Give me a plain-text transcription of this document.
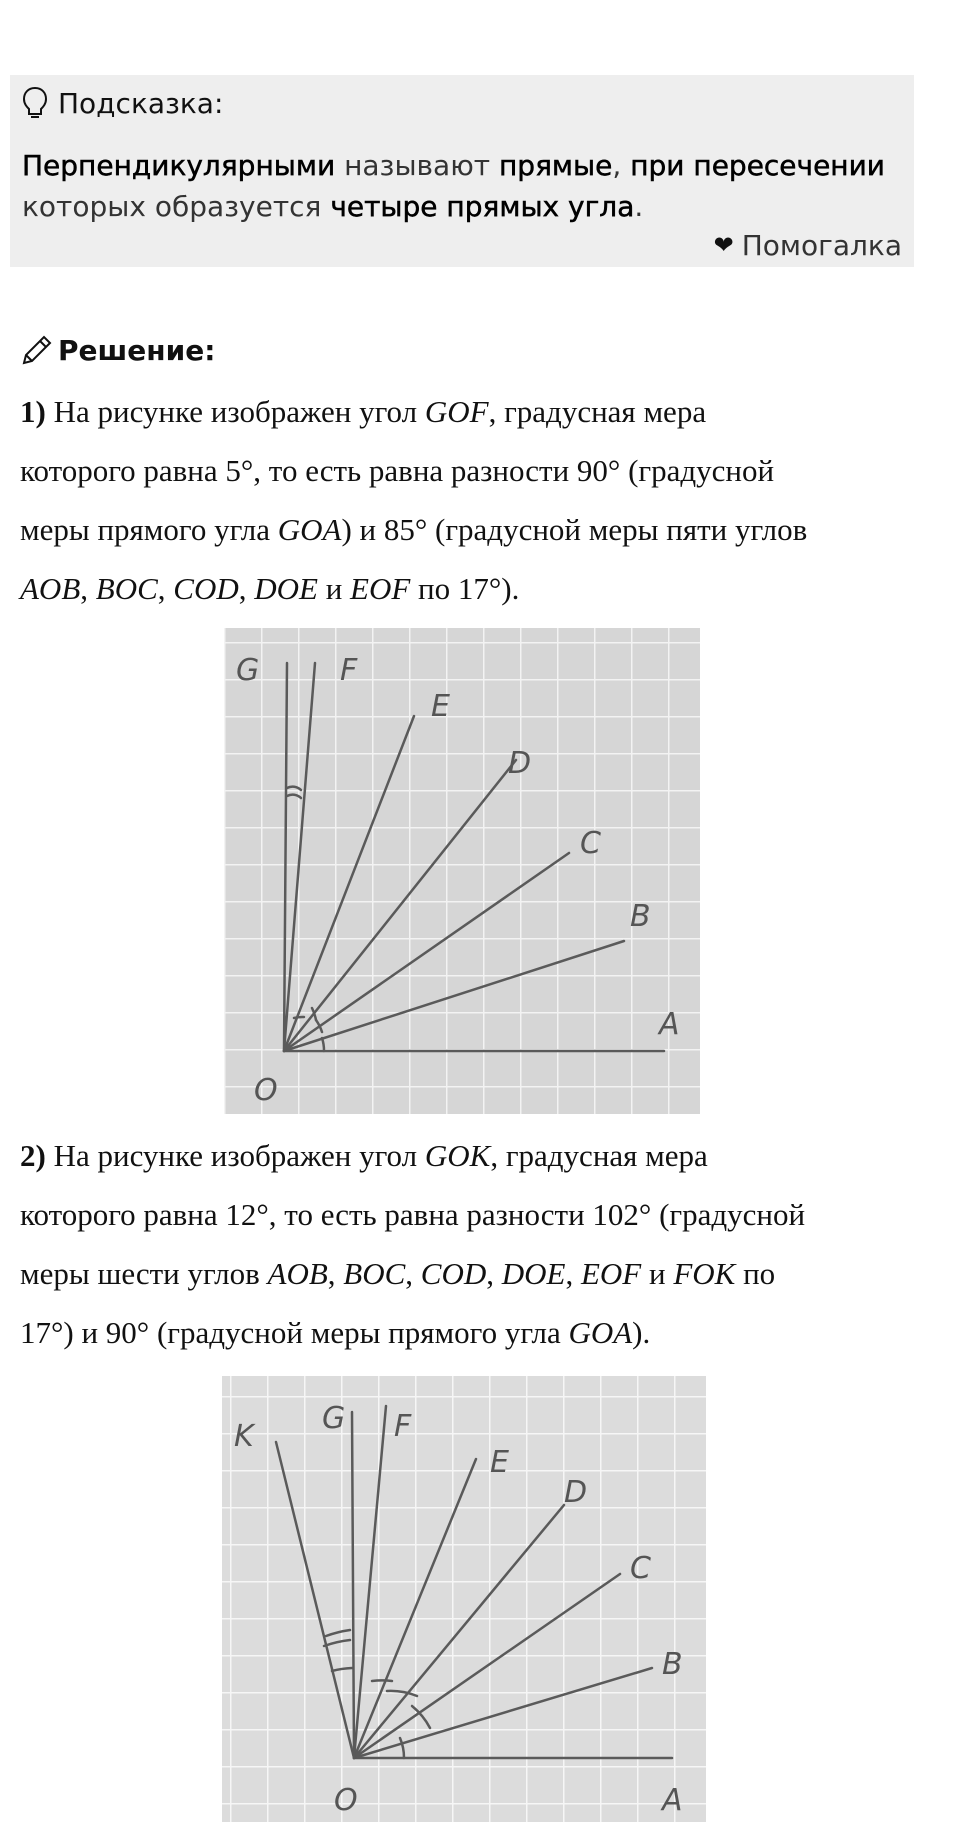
Подсказка:
Перпендикулярными называют прямые, при пересечении
которых образуется четыре прямых угла.
❤ Помогалка
Решение:
1) На рисунке изображен угол GOF, градусная мера
которого равна 5°, то есть равна разности 90° (градусной
меры прямого угла GOA) и 85° (градусной меры пяти углов
AOB, BOC, COD, DOE и EOF по 17°).
G	F
E
D
C
B
A
O
2) На рисунке изображен угол GOK, градусная мера
которого равна 12°, то есть равна разности 102° (градусной
меры шести углов AOB, BOC, COD, DOE, EOF и FOK по
17°) и 90° (градусной меры прямого угла GOA).
K
G F
E
D
C
B
A
O
